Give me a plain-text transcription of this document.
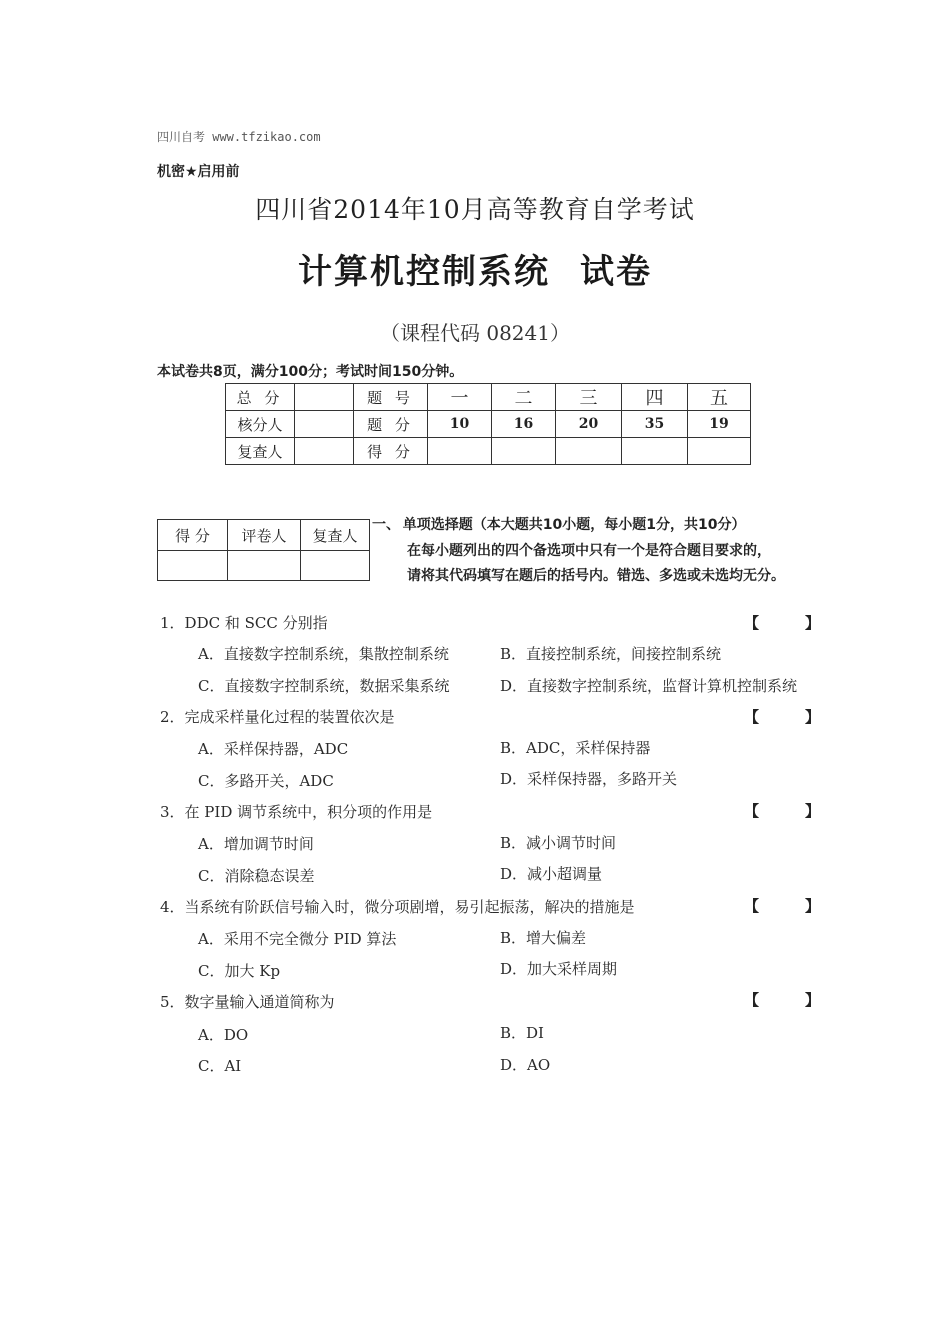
四川自考 www.tfzikao.com
机密★启用前
四川省2014年10月高等教育自学考试
计算机控制系统 试卷
（课程代码 08241）
本试卷共8页，满分100分；考试时间150分钟。
总 分		题 号	一	二	三	四	五
核分人		题 分	10	16	20	35	19
复查人		得 分					
得 分	评卷人	复查人

一、   单项选择题（本大题共10小题，每小题1分，共10分）
在每小题列出的四个备选项中只有一个是符合题目要求的，
请将其代码填写在题后的括号内。错选、多选或未选均无分。
1．DDC 和 SCC 分别指	【	】
A．直接数字控制系统，集散控制系统	B．直接控制系统，间接控制系统
C．直接数字控制系统，数据采集系统	D．直接数字控制系统，监督计算机控制系统
2．完成采样量化过程的装置依次是	【	】
A．采样保持器，ADC	B．ADC，采样保持器
C．多路开关，ADC	D．采样保持器，多路开关
3．在 PID 调节系统中，积分项的作用是	【	】
A．增加调节时间	B．减小调节时间
C．消除稳态误差	D．减小超调量
4．当系统有阶跃信号输入时，微分项剧增，易引起振荡，解决的措施是	【	】
A．采用不完全微分 PID 算法	B．增大偏差
C．加大 Kp	D．加大采样周期
5．数字量输入通道简称为	【	】
A．DO	B．DI
C．AI	D．AO
